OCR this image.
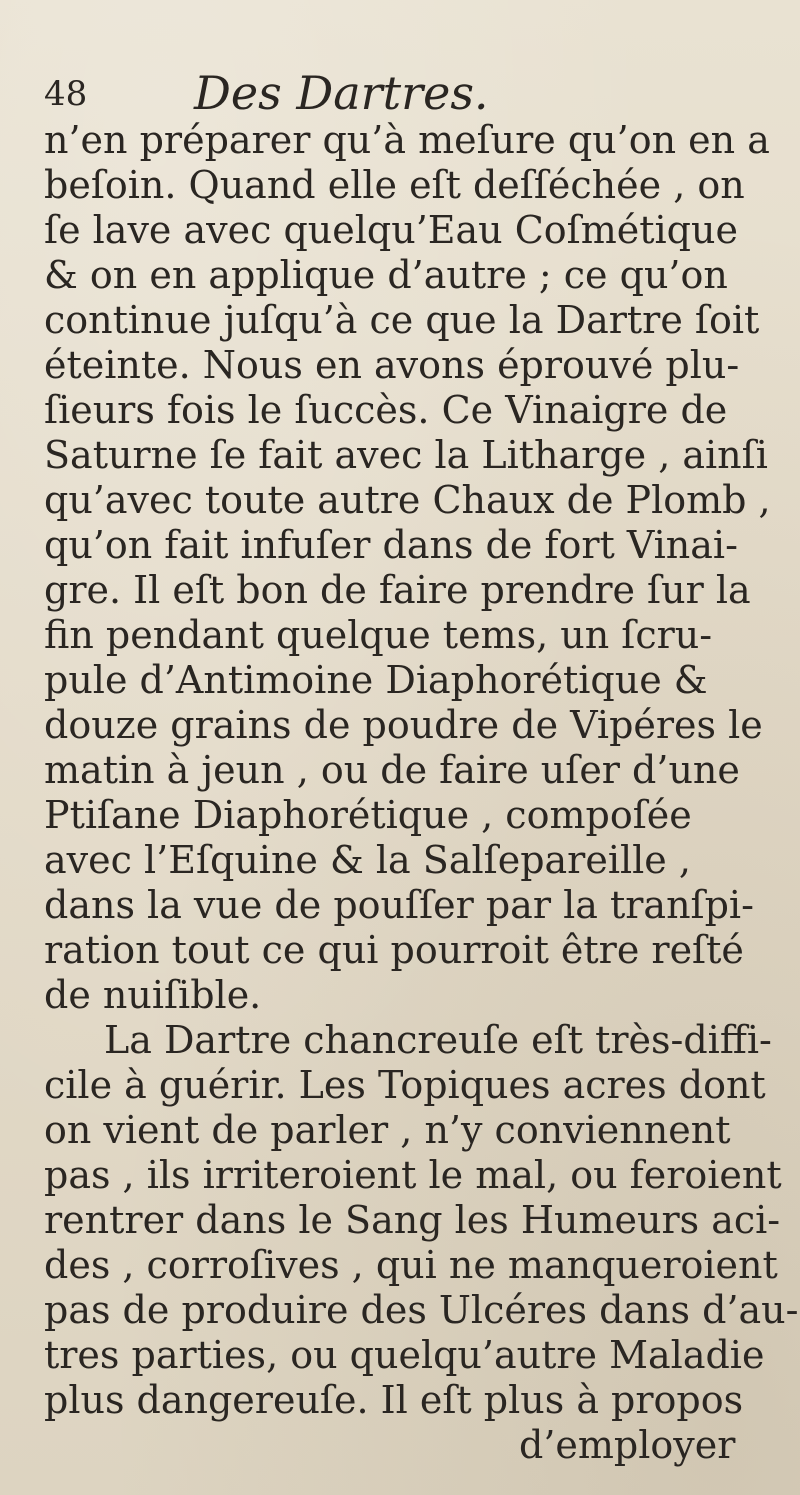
48 Des Dartres.
n’en préparer qu’à meſure qu’on en a
beſoin. Quand elle eſt deſſéchée , on
ſe lave avec quelqu’Eau Coſmétique
& on en applique d’autre ; ce qu’on
continue juſqu’à ce que la Dartre ſoit
éteinte. Nous en avons éprouvé plu-
ſieurs fois le ſuccès. Ce Vinaigre de
Saturne ſe fait avec la Litharge , ainſi
qu’avec toute autre Chaux de Plomb ,
qu’on fait infuſer dans de fort Vinai-
gre. Il eſt bon de faire prendre ſur la
fin pendant quelque tems, un ſcru-
pule d’Antimoine Diaphorétique &
douze grains de poudre de Vipéres le
matin à jeun , ou de faire uſer d’une
Ptiſane Diaphorétique , compoſée
avec l’Eſquine & la Salſepareille ,
dans la vue de pouſſer par la tranſpi-
ration tout ce qui pourroit être reſté
de nuiſible.
La Dartre chancreuſe eſt très-diffi-
cile à guérir. Les Topiques acres dont
on vient de parler , n’y conviennent
pas , ils irriteroient le mal, ou feroient
rentrer dans le Sang les Humeurs aci-
des , corroſives , qui ne manqueroient
pas de produire des Ulcéres dans d’au-
tres parties, ou quelqu’autre Maladie
plus dangereuſe. Il eſt plus à propos
d’employer
